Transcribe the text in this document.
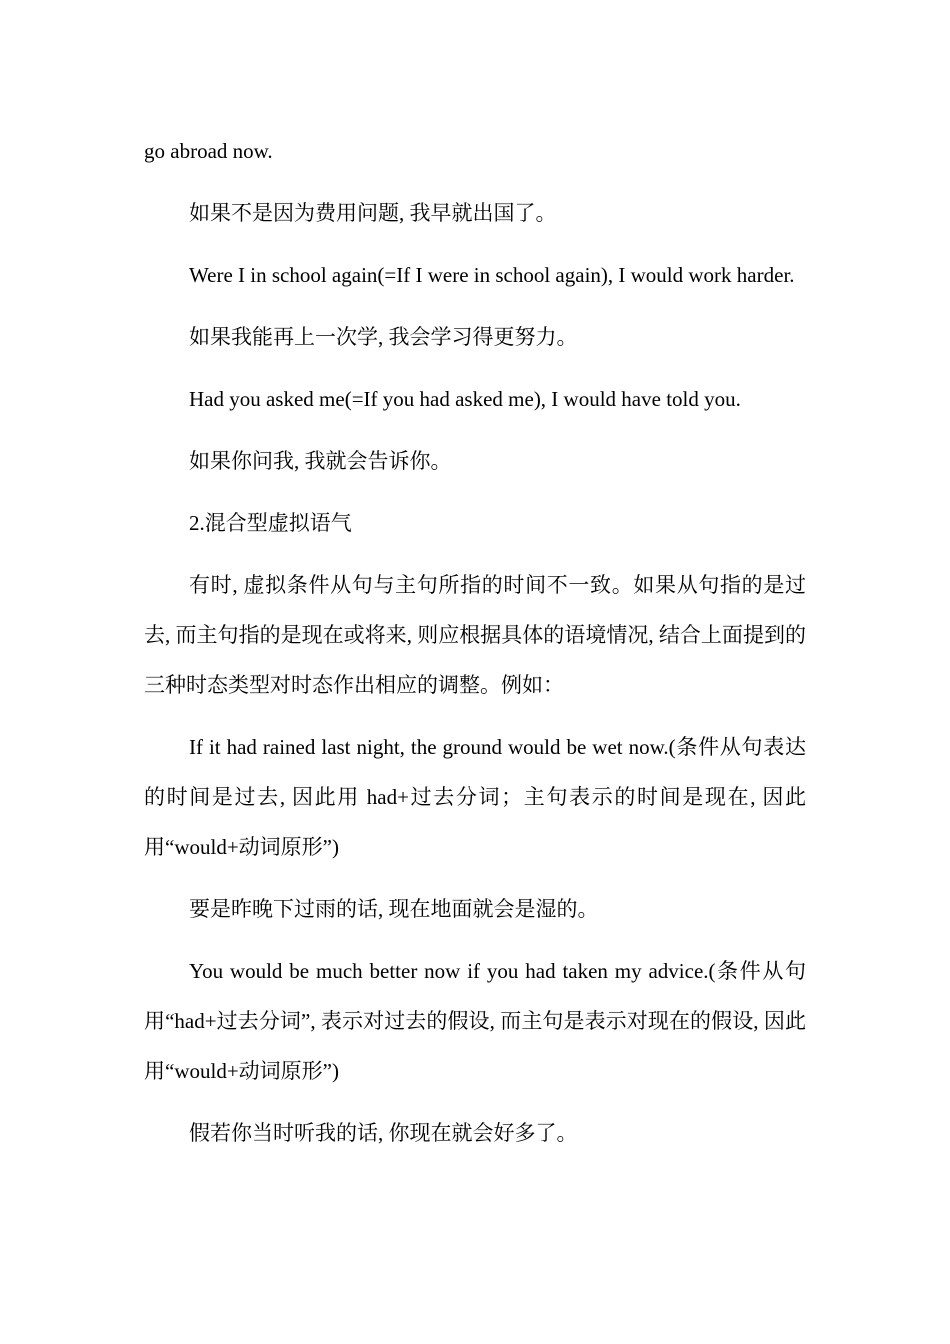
go abroad now.

如果不是因为费用问题, 我早就出国了。

Were I in school again(=If I were in school again), I would work harder.

如果我能再上一次学, 我会学习得更努力。

Had you asked me(=If you had asked me), I would have told you.

如果你问我, 我就会告诉你。

2.混合型虚拟语气

有时, 虚拟条件从句与主句所指的时间不一致。如果从句指的是过去, 而主句指的是现在或将来, 则应根据具体的语境情况, 结合上面提到的三种时态类型对时态作出相应的调整。例如：

If it had rained last night, the ground would be wet now.(条件从句表达的时间是过去, 因此用 had+过去分词；主句表示的时间是现在, 因此用“would+动词原形”)

要是昨晚下过雨的话, 现在地面就会是湿的。

You would be much better now if you had taken my advice.(条件从句用“had+过去分词”, 表示对过去的假设, 而主句是表示对现在的假设, 因此用“would+动词原形”)

假若你当时听我的话, 你现在就会好多了。
